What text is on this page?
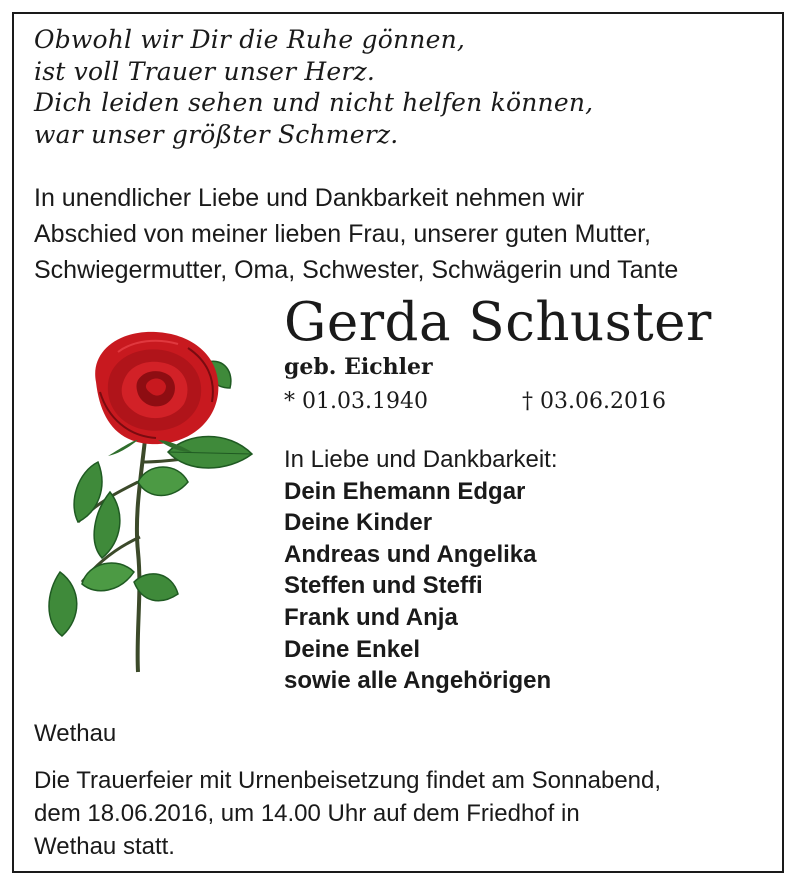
Obwohl wir Dir die Ruhe gönnen,
ist voll Trauer unser Herz.
Dich leiden sehen und nicht helfen können,
war unser größter Schmerz.
In unendlicher Liebe und Dankbarkeit nehmen wir
Abschied von meiner lieben Frau, unserer guten Mutter,
Schwiegermutter, Oma, Schwester, Schwägerin und Tante
Gerda Schuster
geb. Eichler
* 01.03.1940	† 03.06.2016
In Liebe und Dankbarkeit:
Dein Ehemann Edgar
Deine Kinder
Andreas und Angelika
Steffen und Steffi
Frank und Anja
Deine Enkel
sowie alle Angehörigen
Wethau
Die Trauerfeier mit Urnenbeisetzung findet am Sonnabend,
dem 18.06.2016, um 14.00 Uhr auf dem Friedhof in
Wethau statt.
